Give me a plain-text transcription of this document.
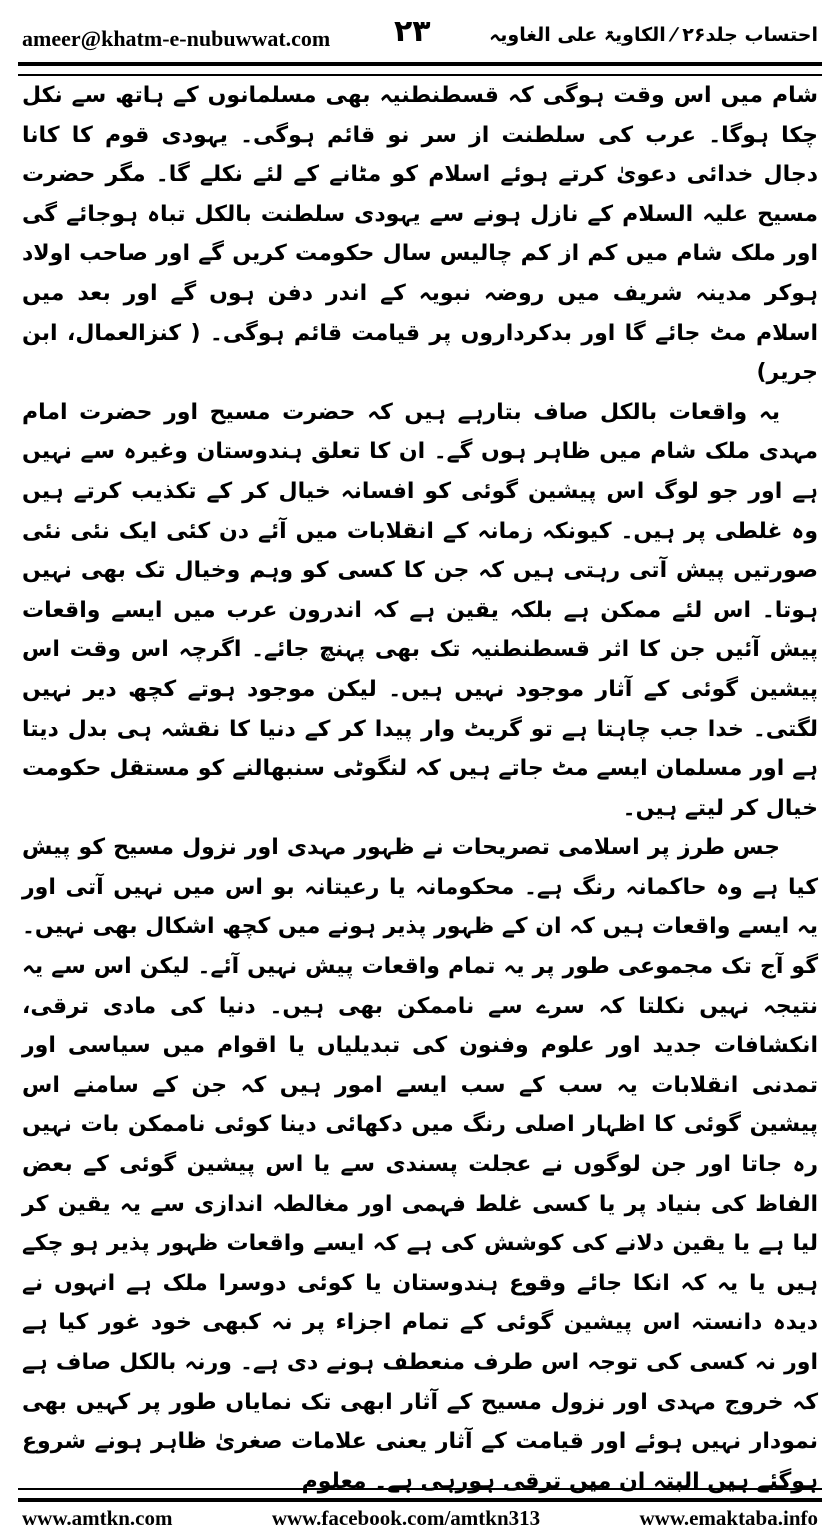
ameer@khatm-e-nubuwwat.com ۲۳	احتساب جلد۲۶ ⁄ الکاویۃ علی الغاویہ

شام میں اس وقت ہوگی کہ قسطنطنیہ بھی مسلمانوں کے ہاتھ سے نکل چکا ہوگا۔ عرب کی سلطنت از سر نو قائم ہوگی۔ یہودی قوم کا کانا دجال خدائی دعویٰ کرتے ہوئے اسلام کو مٹانے کے لئے نکلے گا۔ مگر حضرت مسیح علیہ السلام کے نازل ہونے سے یہودی سلطنت بالکل تباہ ہوجائے گی اور ملک شام میں کم از کم چالیس سال حکومت کریں گے اور صاحب اولاد ہوکر مدینہ شریف میں روضہ نبویہ کے اندر دفن ہوں گے اور بعد میں اسلام مٹ جائے گا اور بدکرداروں پر قیامت قائم ہوگی۔ ( کنزالعمال، ابن جریر)

یہ واقعات بالکل صاف بتارہے ہیں کہ حضرت مسیح اور حضرت امام مہدی ملک شام میں ظاہر ہوں گے۔ ان کا تعلق ہندوستان وغیرہ سے نہیں ہے اور جو لوگ اس پیشین گوئی کو افسانہ خیال کر کے تکذیب کرتے ہیں وہ غلطی پر ہیں۔ کیونکہ زمانہ کے انقلابات میں آئے دن کئی ایک نئی نئی صورتیں پیش آتی رہتی ہیں کہ جن کا کسی کو وہم وخیال تک بھی نہیں ہوتا۔ اس لئے ممکن ہے بلکہ یقین ہے کہ اندرون عرب میں ایسے واقعات پیش آئیں جن کا اثر قسطنطنیہ تک بھی پہنچ جائے۔ اگرچہ اس وقت اس پیشین گوئی کے آثار موجود نہیں ہیں۔ لیکن موجود ہوتے کچھ دیر نہیں لگتی۔ خدا جب چاہتا ہے تو گریٹ وار پیدا کر کے دنیا کا نقشہ ہی بدل دیتا ہے اور مسلمان ایسے مٹ جاتے ہیں کہ لنگوٹی سنبھالنے کو مستقل حکومت خیال کر لیتے ہیں۔

جس طرز پر اسلامی تصریحات نے ظہور مہدی اور نزول مسیح کو پیش کیا ہے وہ حاکمانہ رنگ ہے۔ محکومانہ یا رعیتانہ بو اس میں نہیں آتی اور یہ ایسے واقعات ہیں کہ ان کے ظہور پذیر ہونے میں کچھ اشکال بھی نہیں۔ گو آج تک مجموعی طور پر یہ تمام واقعات پیش نہیں آئے۔ لیکن اس سے یہ نتیجہ نہیں نکلتا کہ سرے سے ناممکن بھی ہیں۔ دنیا کی مادی ترقی، انکشافات جدید اور علوم وفنون کی تبدیلیاں یا اقوام میں سیاسی اور تمدنی انقلابات یہ سب کے سب ایسے امور ہیں کہ جن کے سامنے اس پیشین گوئی کا اظہار اصلی رنگ میں دکھائی دینا کوئی ناممکن بات نہیں رہ جاتا اور جن لوگوں نے عجلت پسندی سے یا اس پیشین گوئی کے بعض الفاظ کی بنیاد پر یا کسی غلط فہمی اور مغالطہ اندازی سے یہ یقین کر لیا ہے یا یقین دلانے کی کوشش کی ہے کہ ایسے واقعات ظہور پذیر ہو چکے ہیں یا یہ کہ انکا جائے وقوع ہندوستان یا کوئی دوسرا ملک ہے انہوں نے دیدہ دانستہ اس پیشین گوئی کے تمام اجزاء پر نہ کبھی خود غور کیا ہے اور نہ کسی کی توجہ اس طرف منعطف ہونے دی ہے۔ ورنہ بالکل صاف ہے کہ خروج مہدی اور نزول مسیح کے آثار ابھی تک نمایاں طور پر کہیں بھی نمودار نہیں ہوئے اور قیامت کے آثار یعنی علامات صغریٰ ظاہر ہونے شروع ہوگئے ہیں البتہ ان میں ترقی ہورہی ہے۔ معلوم

www.amtkn.com	www.facebook.com/amtkn313	www.emaktaba.info
